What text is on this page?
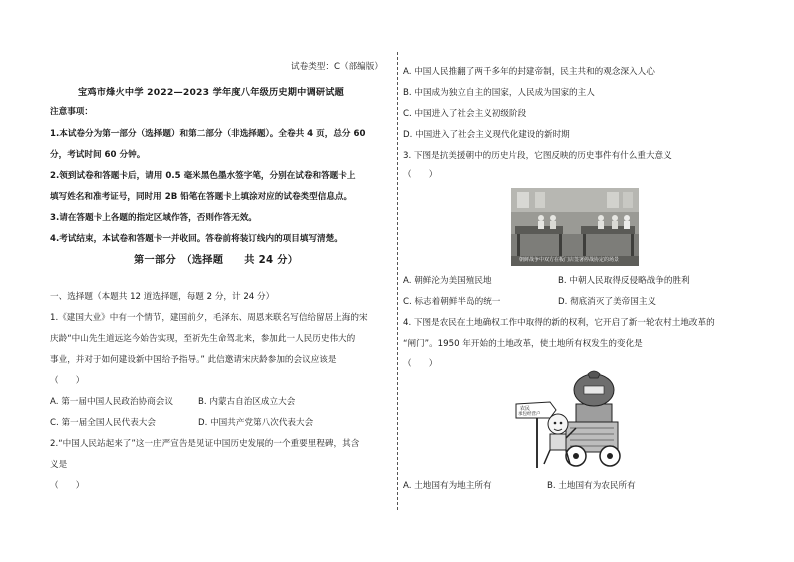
试卷类型：C（部编版）
宝鸡市烽火中学 2022—2023 学年度八年级历史期中调研试题
注意事项：
1.本试卷分为第一部分（选择题）和第二部分（非选择题）。全卷共 4 页，总分 60
分，考试时间 60 分钟。
2.领到试卷和答题卡后，请用 0.5 毫米黑色墨水签字笔，分别在试卷和答题卡上
填写姓名和准考证号，同时用 2B 铅笔在答题卡上填涂对应的试卷类型信息点。
3.请在答题卡上各题的指定区域作答，否则作答无效。
4.考试结束，本试卷和答题卡一并收回。答卷前将装订线内的项目填写清楚。
第一部分　（选择题　　共 24 分）
一、选择题（本题共 12 道选择题，每题 2 分，计 24 分）
1.《建国大业》中有一个情节，建国前夕，毛泽东、周恩来联名写信给留居上海的宋
庆龄“中山先生道远迄今始告实现，至祈先生命驾北来，参加此一人民历史伟大的
事业，并对于如何建设新中国给予指导。” 此信邀请宋庆龄参加的会议应该是
（　　）
A. 第一届中国人民政治协商会议	B. 内蒙古自治区成立大会
C. 第一届全国人民代表大会	D. 中国共产党第八次代表大会
2.“中国人民站起来了”这一庄严宣告是见证中国历史发展的一个重要里程碑，其含
义是
（　　）
A. 中国人民推翻了两千多年的封建帝制，民主共和的观念深入人心
B. 中国成为独立自主的国家，人民成为国家的主人
C. 中国进入了社会主义初级阶段
D. 中国进入了社会主义现代化建设的新时期
3. 下图是抗美援朝中的历史片段，它图反映的历史事件有什么重大意义
（　　）
朝鲜战争中双方在板门店签署停战协定的场景
A. 朝鲜沦为美国殖民地	B. 中朝人民取得反侵略战争的胜利
C. 标志着朝鲜半岛的统一	D. 彻底消灭了美帝国主义
4. 下图是农民在土地确权工作中取得的新的权利，它开启了新一轮农村土地改革的
“闸门”。1950 年开始的土地改革，使土地所有权发生的变化是
（　　）
农民
承包经营户
A. 土地国有为地主所有	B. 土地国有为农民所有
